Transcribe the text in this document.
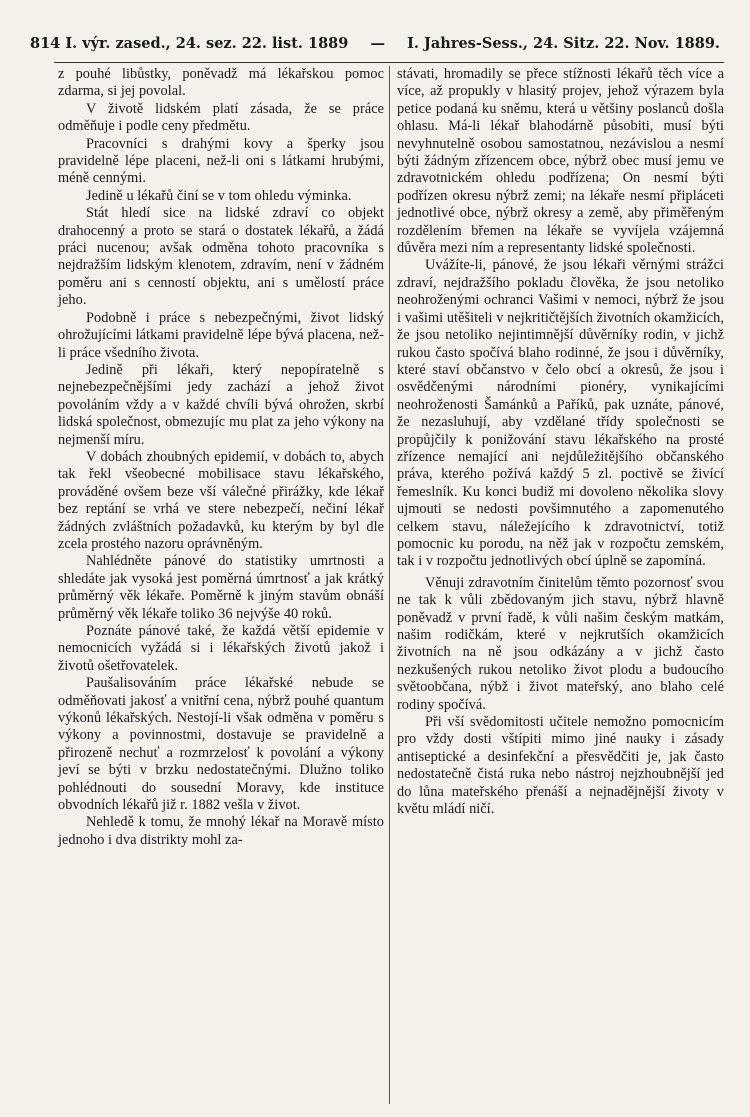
814 I. výr. zased., 24. sez. 22. list. 1889 — I. Jahres-Sess., 24. Sitz. 22. Nov. 1889.

z pouhé libůstky, poněvadž má lékařskou pomoc zdarma, si jej povolal.

V životě lidském platí zásada, že se práce odměňuje i podle ceny předmětu.

Pracovníci s drahými kovy a šperky jsou pravidelně lépe placeni, než-li oni s látkami hrubými, méně cennými.

Jedině u lékařů činí se v tom ohledu výminka.

Stát hledí sice na lidské zdraví co objekt drahocenný a proto se stará o dostatek lékařů, a žádá práci nucenou; avšak odměna tohoto pracovníka s nejdražším lidským klenotem, zdravím, není v žádném poměru ani s cenností objektu, ani s umělostí práce jeho.

Podobně i práce s nebezpečnými, život lidský ohrožujícími látkami pravidelně lépe bývá placena, než-li práce všedního života.

Jedině při lékaři, který nepopíratelně s nejnebezpečnějšími jedy zachází a jehož život povoláním vždy a v každé chvíli bývá ohrožen, skrbí lidská společnost, obmezujíc mu plat za jeho výkony na nejmenší míru.

V dobách zhoubných epidemií, v dobách to, abych tak řekl všeobecné mobilisace stavu lékařského, prováděné ovšem beze vší válečné přirážky, kde lékař bez reptání se vrhá ve stere nebezpečí, nečiní lékař žádných zvláštních požadavků, ku kterým by byl dle zcela prostého nazoru oprávněným.

Nahlédněte pánové do statistiky umrtnosti a shledáte jak vysoká jest poměrná úmrtnosť a jak krátký průměrný věk lékaře. Poměrně k jiným stavům obnáší průměrný věk lékaře toliko 36 nejvýše 40 roků.

Poznáte pánové také, že každá větší epidemie v nemocnicích vyžádá si i lékařských životů jakož i životů ošetřovatelek.

Paušalisováním práce lékařské nebude se odměňovati jakosť a vnitřní cena, nýbrž pouhé quantum výkonů lékařských. Nestojí-li však odměna v poměru s výkony a povinnostmi, dostavuje se pravidelně a přirozeně nechuť a rozmrzelosť k povolání a výkony jeví se býti v brzku nedostatečnými. Dlužno toliko pohlédnouti do sousední Moravy, kde instituce obvodních lékařů již r. 1882 vešla v život.

Nehledě k tomu, že mnohý lékař na Moravě místo jednoho i dva distrikty mohl za-

stávati, hromadily se přece stížnosti lékařů těch více a více, až propukly v hlasitý projev, jehož výrazem byla petice podaná ku sněmu, která u většiny poslanců došla ohlasu. Má-li lékař blahodárně působiti, musí býti nevyhnutelně osobou samostatnou, nezávislou a nesmí býti žádným zřízencem obce, nýbrž obec musí jemu ve zdravotnickém ohledu podřízena; On nesmí býti podřízen okresu nýbrž zemi; na lékaře nesmí připláceti jednotlivé obce, nýbrž okresy a země, aby přiměřeným rozdělením břemen na lékaře se vyvíjela vzájemná důvěra mezi ním a representanty lidské společnosti.

Uvážíte-li, pánové, že jsou lékaři věrnými strážci zdraví, nejdražšího pokladu člověka, že jsou netoliko neohroženými ochranci Vašimi v nemoci, nýbrž že jsou i vašimi utěšiteli v nejkritičtějších životních okamžicích, že jsou netoliko nejintimnější důvěrníky rodin, v jichž rukou často spočívá blaho rodinné, že jsou i důvěrníky, které staví občanstvo v čelo obcí a okresů, že jsou i osvědčenými národními pionéry, vynikajícími neohroženosti Šamánků a Paříků, pak uznáte, pánové, že nezasluhují, aby vzdělané třídy společnosti se propůjčily k ponižování stavu lékařského na prosté zřízence nemající ani nejdůležitějšího občanského práva, kterého požívá každý 5 zl. poctivě se živící řemeslník. Ku konci budiž mi dovoleno několika slovy ujmouti se nedosti povšimnutého a zapomenutého celkem stavu, náležejícího k zdravotnictví, totiž pomocnic ku porodu, na něž jak v rozpočtu zemském, tak i v rozpočtu jednotlivých obcí úplně se zapomíná.

Věnuji zdravotním činitelům těmto pozornosť svou ne tak k vůli zbědovaným jich stavu, nýbrž hlavně poněvadž v první řadě, k vůli našim českým matkám, našim rodičkám, které v nejkrutších okamžicích životních na ně jsou odkázány a v jichž často nezkušených rukou netoliko život plodu a budoucího světoobčana, nýbž i život mateřský, ano blaho celé rodiny spočívá.

Při vší svědomitosti učitele nemožno pomocnicím pro vždy dosti vštípiti mimo jiné nauky i zásady antiseptické a desinfekční a přesvědčiti je, jak často nedostatečně čistá ruka nebo nástroj nejzhoubnější jed do lůna mateřského přenáší a nejnadějnější životy v květu mládí ničí.
